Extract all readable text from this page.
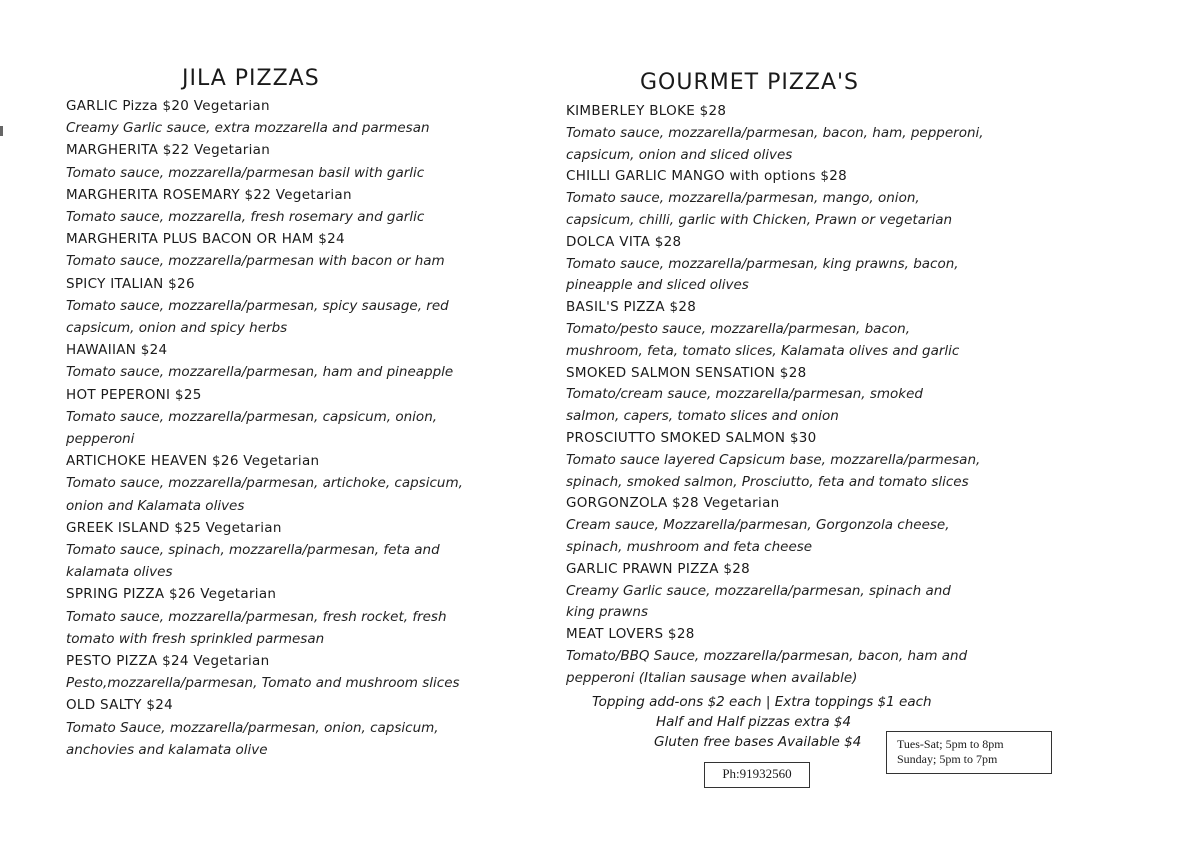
JILA PIZZAS	GOURMET PIZZA'S
GARLIC Pizza $20 Vegetarian
Creamy Garlic sauce, extra mozzarella and parmesan
MARGHERITA $22 Vegetarian
Tomato sauce, mozzarella/parmesan basil with garlic
MARGHERITA ROSEMARY $22 Vegetarian
Tomato sauce, mozzarella, fresh rosemary and garlic
MARGHERITA PLUS BACON OR HAM $24
Tomato sauce, mozzarella/parmesan with bacon or ham
SPICY ITALIAN $26
Tomato sauce, mozzarella/parmesan, spicy sausage, red
capsicum, onion and spicy herbs
HAWAIIAN $24
Tomato sauce, mozzarella/parmesan, ham and pineapple
HOT PEPERONI $25
Tomato sauce, mozzarella/parmesan, capsicum, onion,
pepperoni
ARTICHOKE HEAVEN $26 Vegetarian
Tomato sauce, mozzarella/parmesan, artichoke, capsicum,
onion and Kalamata olives
GREEK ISLAND $25 Vegetarian
Tomato sauce, spinach, mozzarella/parmesan, feta and
kalamata olives
SPRING PIZZA $26 Vegetarian
Tomato sauce, mozzarella/parmesan, fresh rocket, fresh
tomato with fresh sprinkled parmesan
PESTO PIZZA $24 Vegetarian
Pesto,mozzarella/parmesan, Tomato and mushroom slices
OLD SALTY $24
Tomato Sauce, mozzarella/parmesan, onion, capsicum,
anchovies and kalamata olive
KIMBERLEY BLOKE $28
Tomato sauce, mozzarella/parmesan, bacon, ham, pepperoni,
capsicum, onion and sliced olives
CHILLI GARLIC MANGO with options $28
Tomato sauce, mozzarella/parmesan, mango, onion,
capsicum, chilli, garlic with Chicken, Prawn or vegetarian
DOLCA VITA $28
Tomato sauce, mozzarella/parmesan, king prawns, bacon,
pineapple and sliced olives
BASIL'S PIZZA $28
Tomato/pesto sauce, mozzarella/parmesan, bacon,
mushroom, feta, tomato slices, Kalamata olives and garlic
SMOKED SALMON SENSATION $28
Tomato/cream sauce, mozzarella/parmesan, smoked
salmon, capers, tomato slices and onion
PROSCIUTTO SMOKED SALMON $30
Tomato sauce layered Capsicum base, mozzarella/parmesan,
spinach, smoked salmon, Prosciutto, feta and tomato slices
GORGONZOLA $28 Vegetarian
Cream sauce, Mozzarella/parmesan, Gorgonzola cheese,
spinach, mushroom and feta cheese
GARLIC PRAWN PIZZA $28
Creamy Garlic sauce, mozzarella/parmesan, spinach and
king prawns
MEAT LOVERS $28
Tomato/BBQ Sauce, mozzarella/parmesan, bacon, ham and
pepperoni (Italian sausage when available)
Topping add-ons $2 each | Extra toppings $1 each
Half and Half pizzas extra $4
Gluten free bases Available $4
Ph:91932560
Tues-Sat; 5pm to 8pm
Sunday; 5pm to 7pm
